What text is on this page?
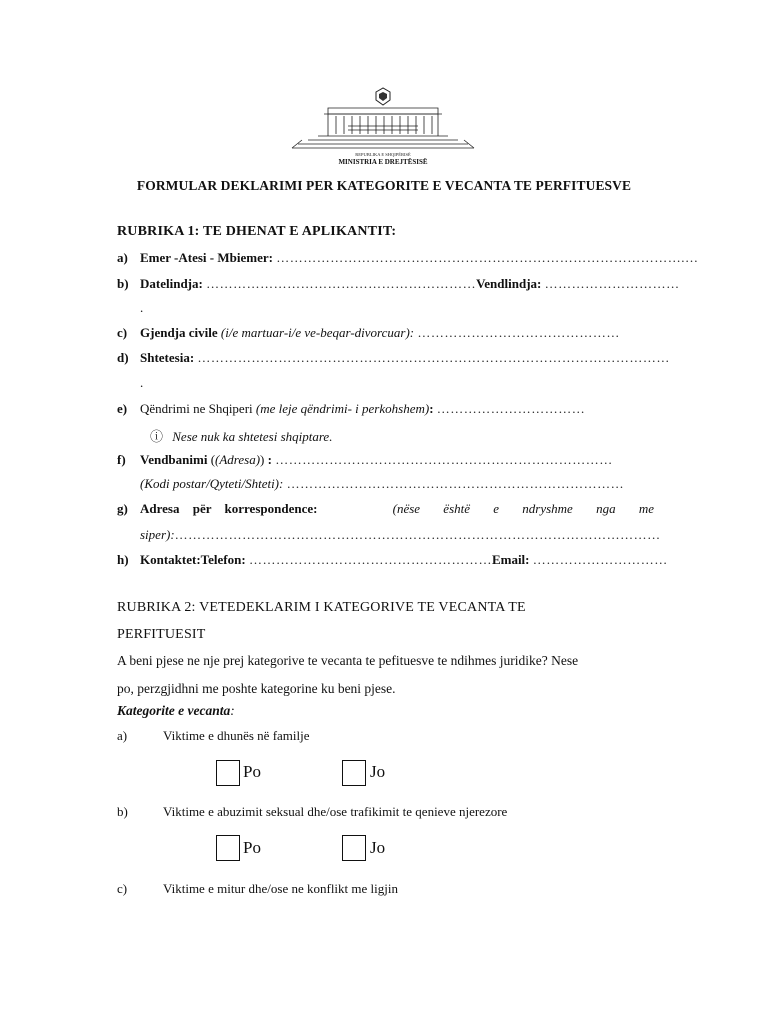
REPUBLIKA E SHQIPËRISË
MINISTRIA E DREJTËSISË
FORMULAR DEKLARIMI PER KATEGORITE E VECANTA TE PERFITUESVE
RUBRIKA 1: TE DHENAT E APLIKANTIT:
a) Emer -Atesi - Mbiemer: ……………………………………………………………………………….…
b) Datelindja: ……………………………………………………Vendlindja: …………………………
.
c) Gjendja civile (i/e martuar-i/e ve-beqar-divorcuar): ………………………………………
d) Shtetesia: ……………………………………………………………………………………………
.
e) Qëndrimi ne Shqiperi (me leje qëndrimi- i perkohshem): ……………………………
ⓘ Nese nuk ka shtetesi shqiptare.
f) Vendbanimi ((Adresa)) : …………………………………………………………………
(Kodi postar/Qyteti/Shteti): …………………………………………………………………
g) Adresa për korrespondence:	(nëse është e ndryshme nga me
siper):………………………………………………………………………………………………
h) Kontaktet:Telefon: ………………………………………………Email: …………………………
RUBRIKA 2: VETEDEKLARIM I KATEGORIVE TE VECANTA TE
PERFITUESIT
A beni pjese ne nje prej kategorive te vecanta te pefituesve te ndihmes juridike? Nese
po, perzgjidhni me poshte kategorine ku beni pjese.
Kategorite e vecanta:
a)	Viktime e dhunës në familje
Po	Jo
b)	Viktime e abuzimit seksual dhe/ose trafikimit te qenieve njerezore
Po	Jo
c)	Viktime e mitur dhe/ose ne konflikt me ligjin
